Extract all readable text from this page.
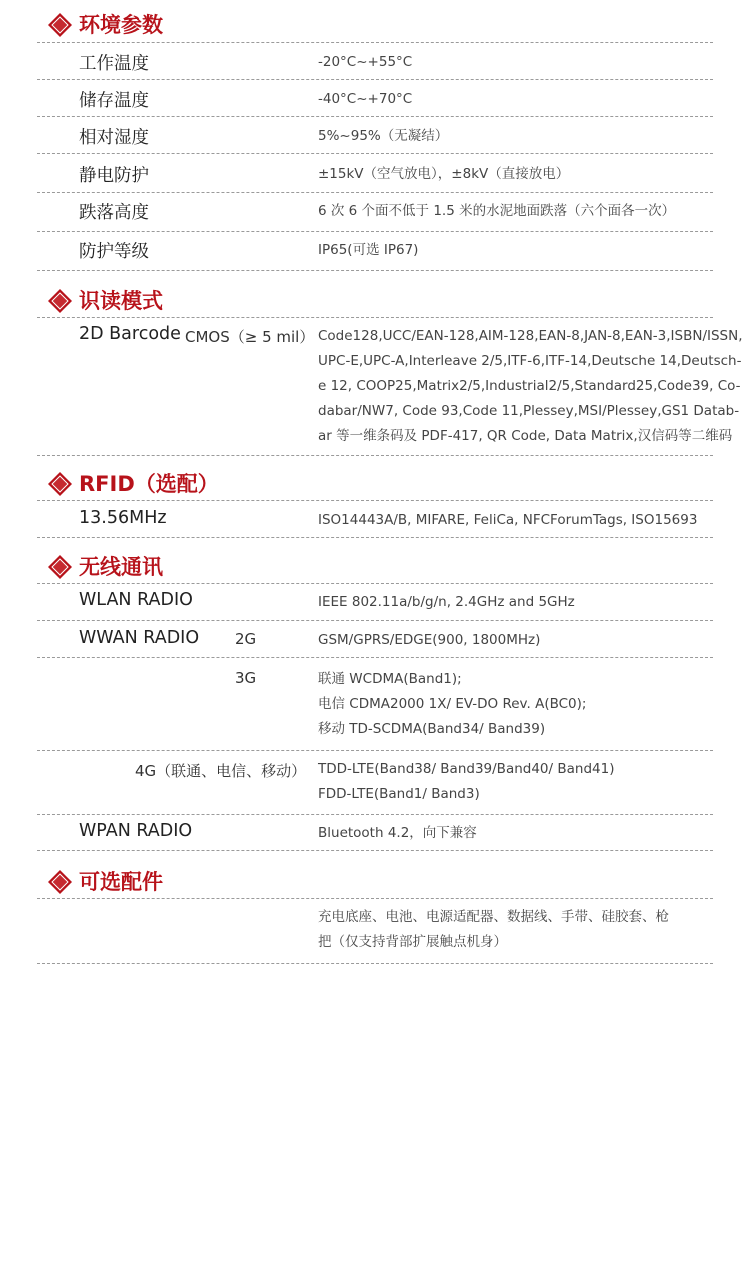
环境参数
工作温度	-20°C~+55°C
储存温度	-40°C~+70°C
相对湿度	5%~95%（无凝结）
静电防护	±15kV（空气放电），±8kV（直接放电）
跌落高度	6 次 6 个面不低于 1.5 米的水泥地面跌落（六个面各一次）
防护等级	IP65(可选 IP67)
识读模式
2D Barcode CMOS（≥ 5 mil） Code128,UCC/EAN-128,AIM-128,EAN-8,JAN-8,EAN-3,ISBN/ISSN,
UPC-E,UPC-A,Interleave 2/5,ITF-6,ITF-14,Deutsche 14,Deutsch-
e 12, COOP25,Matrix2/5,Industrial2/5,Standard25,Code39, Co-
dabar/NW7, Code 93,Code 11,Plessey,MSI/Plessey,GS1 Datab-
ar 等一维条码及 PDF-417, QR Code, Data Matrix,汉信码等二维码
RFID（选配）
13.56MHz	ISO14443A/B, MIFARE, FeliCa, NFCForumTags, ISO15693
无线通讯
WLAN RADIO	IEEE 802.11a/b/g/n, 2.4GHz and 5GHz
WWAN RADIO 2G	GSM/GPRS/EDGE(900, 1800MHz)
3G	联通 WCDMA(Band1);
电信 CDMA2000 1X/ EV-DO Rev. A(BC0);
移动 TD-SCDMA(Band34/ Band39)
4G（联通、电信、移动） TDD-LTE(Band38/ Band39/Band40/ Band41)
FDD-LTE(Band1/ Band3)
WPAN RADIO	Bluetooth 4.2，向下兼容
可选配件
充电底座、电池、电源适配器、数据线、手带、硅胶套、枪
把（仅支持背部扩展触点机身）
